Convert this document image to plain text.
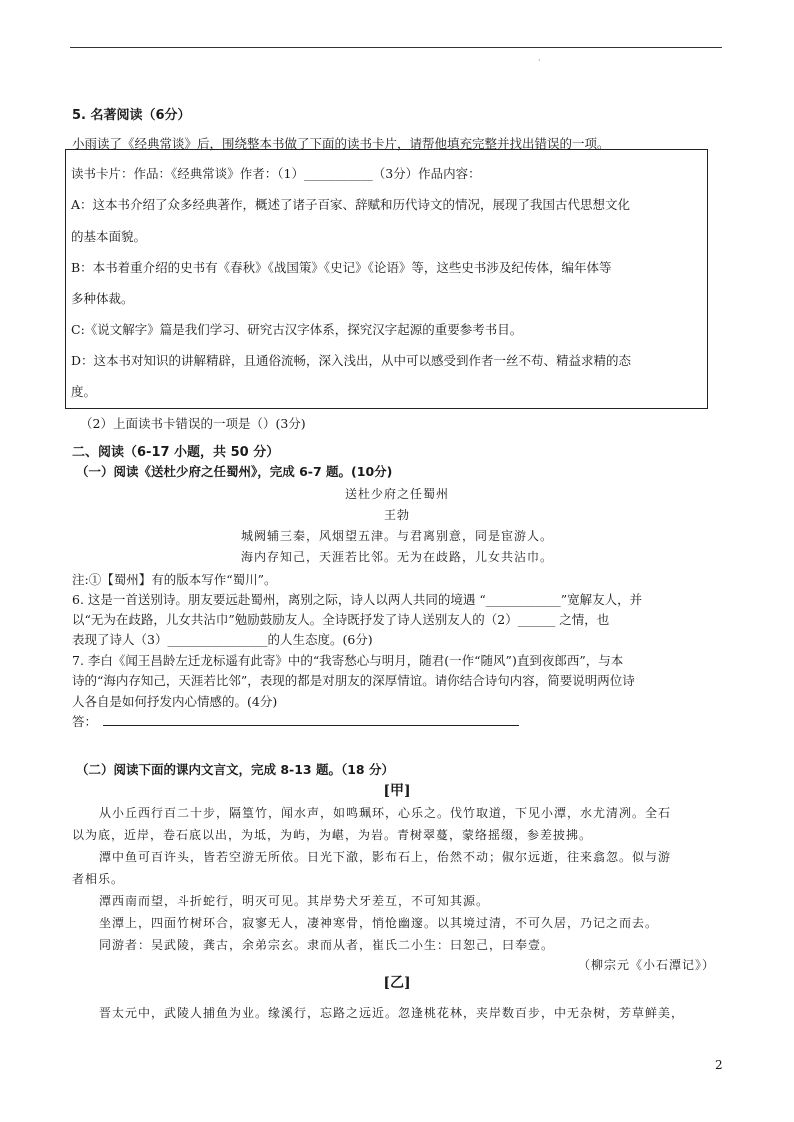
·
5. 名著阅读（6分）
小雨读了《经典常谈》后，围绕整本书做了下面的读书卡片，请帮他填充完整并找出错误的一项。
读书卡片：作品：《经典常谈》作者：（1）___________（3分）作品内容：
A：这本书介绍了众多经典著作，概述了诸子百家、辞赋和历代诗文的情况，展现了我国古代思想文化
的基本面貌。
B：本书着重介绍的史书有《春秋》《战国策》《史记》《论语》等，这些史书涉及纪传体，编年体等
多种体裁。
C:《说文解字》篇是我们学习、研究古汉字体系，探究汉字起源的重要参考书目。
D：这本书对知识的讲解精辟，且通俗流畅，深入浅出，从中可以感受到作者一丝不苟、精益求精的态
度。
（2）上面读书卡错误的一项是（）(3分)
二、阅读（6-17 小题，共 50 分）
（一）阅读《送杜少府之任蜀州》，完成 6-7 题。(10分)
送杜少府之任蜀州
王勃
城阙辅三秦，风烟望五津。与君离别意，同是宦游人。
海内存知己，天涯若比邻。无为在歧路，儿女共沾巾。
注:①【蜀州】有的版本写作“蜀川”。
6. 这是一首送别诗。朋友要远赴蜀州，离别之际，诗人以两人共同的境遇 “____________”宽解友人，并
以“无为在歧路，儿女共沾巾”勉励鼓励友人。全诗既抒发了诗人送别友人的（2）______ 之情，也
表现了诗人（3）________________的人生态度。(6分)
7. 李白《闻王昌龄左迁龙标遥有此寄》中的“我寄愁心与明月，随君(一作“随风”)直到夜郎西”，与本
诗的“海内存知己，天涯若比邻”，表现的都是对朋友的深厚情谊。请你结合诗句内容，简要说明两位诗
人各自是如何抒发内心情感的。(4分)
答：
（二）阅读下面的课内文言文，完成 8-13 题。（18 分）
[甲]
从小丘西行百二十步，隔篁竹，闻水声，如鸣珮环，心乐之。伐竹取道，下见小潭，水尤清冽。全石
以为底，近岸，卷石底以出，为坻，为屿，为嵁，为岩。青树翠蔓，蒙络摇缀，参差披拂。
潭中鱼可百许头，皆若空游无所依。日光下澈，影布石上，佁然不动；俶尔远逝，往来翕忽。似与游
者相乐。
潭西南而望，斗折蛇行，明灭可见。其岸势犬牙差互，不可知其源。
坐潭上，四面竹树环合，寂寥无人，凄神寒骨，悄怆幽邃。以其境过清，不可久居，乃记之而去。
同游者：吴武陵，龚古，余弟宗玄。隶而从者，崔氏二小生：曰恕己，曰奉壹。
（柳宗元《小石潭记》）
[乙]
晋太元中，武陵人捕鱼为业。缘溪行，忘路之远近。忽逢桃花林，夹岸数百步，中无杂树，芳草鲜美，
2
